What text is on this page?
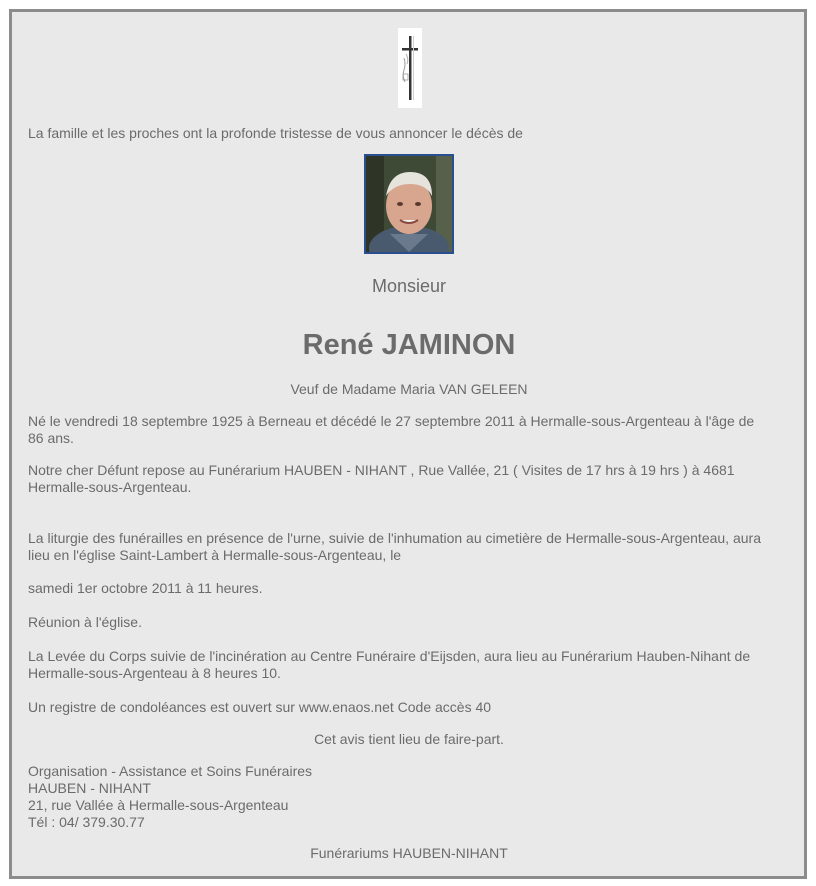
La famille et les proches ont la profonde tristesse de vous annoncer le décès de
Monsieur
René JAMINON
Veuf de Madame Maria VAN GELEEN
Né le vendredi 18 septembre 1925 à Berneau et décédé le 27 septembre 2011 à Hermalle-sous-Argenteau à l'âge de
86 ans.
Notre cher Défunt repose au Funérarium HAUBEN - NIHANT , Rue Vallée, 21 ( Visites de 17 hrs à 19 hrs ) à 4681
Hermalle-sous-Argenteau.
La liturgie des funérailles en présence de l'urne, suivie de l'inhumation au cimetière de Hermalle-sous-Argenteau, aura
lieu en l'église Saint-Lambert à Hermalle-sous-Argenteau, le
samedi 1er octobre 2011 à 11 heures.
Réunion à l'église.
La Levée du Corps suivie de l'incinération au Centre Funéraire d'Eijsden, aura lieu au Funérarium Hauben-Nihant de
Hermalle-sous-Argenteau à 8 heures 10.
Un registre de condoléances est ouvert sur www.enaos.net Code accès 40
Cet avis tient lieu de faire-part.
Organisation - Assistance et Soins Funéraires
HAUBEN - NIHANT
21, rue Vallée à Hermalle-sous-Argenteau
Tél : 04/ 379.30.77
Funérariums HAUBEN-NIHANT
